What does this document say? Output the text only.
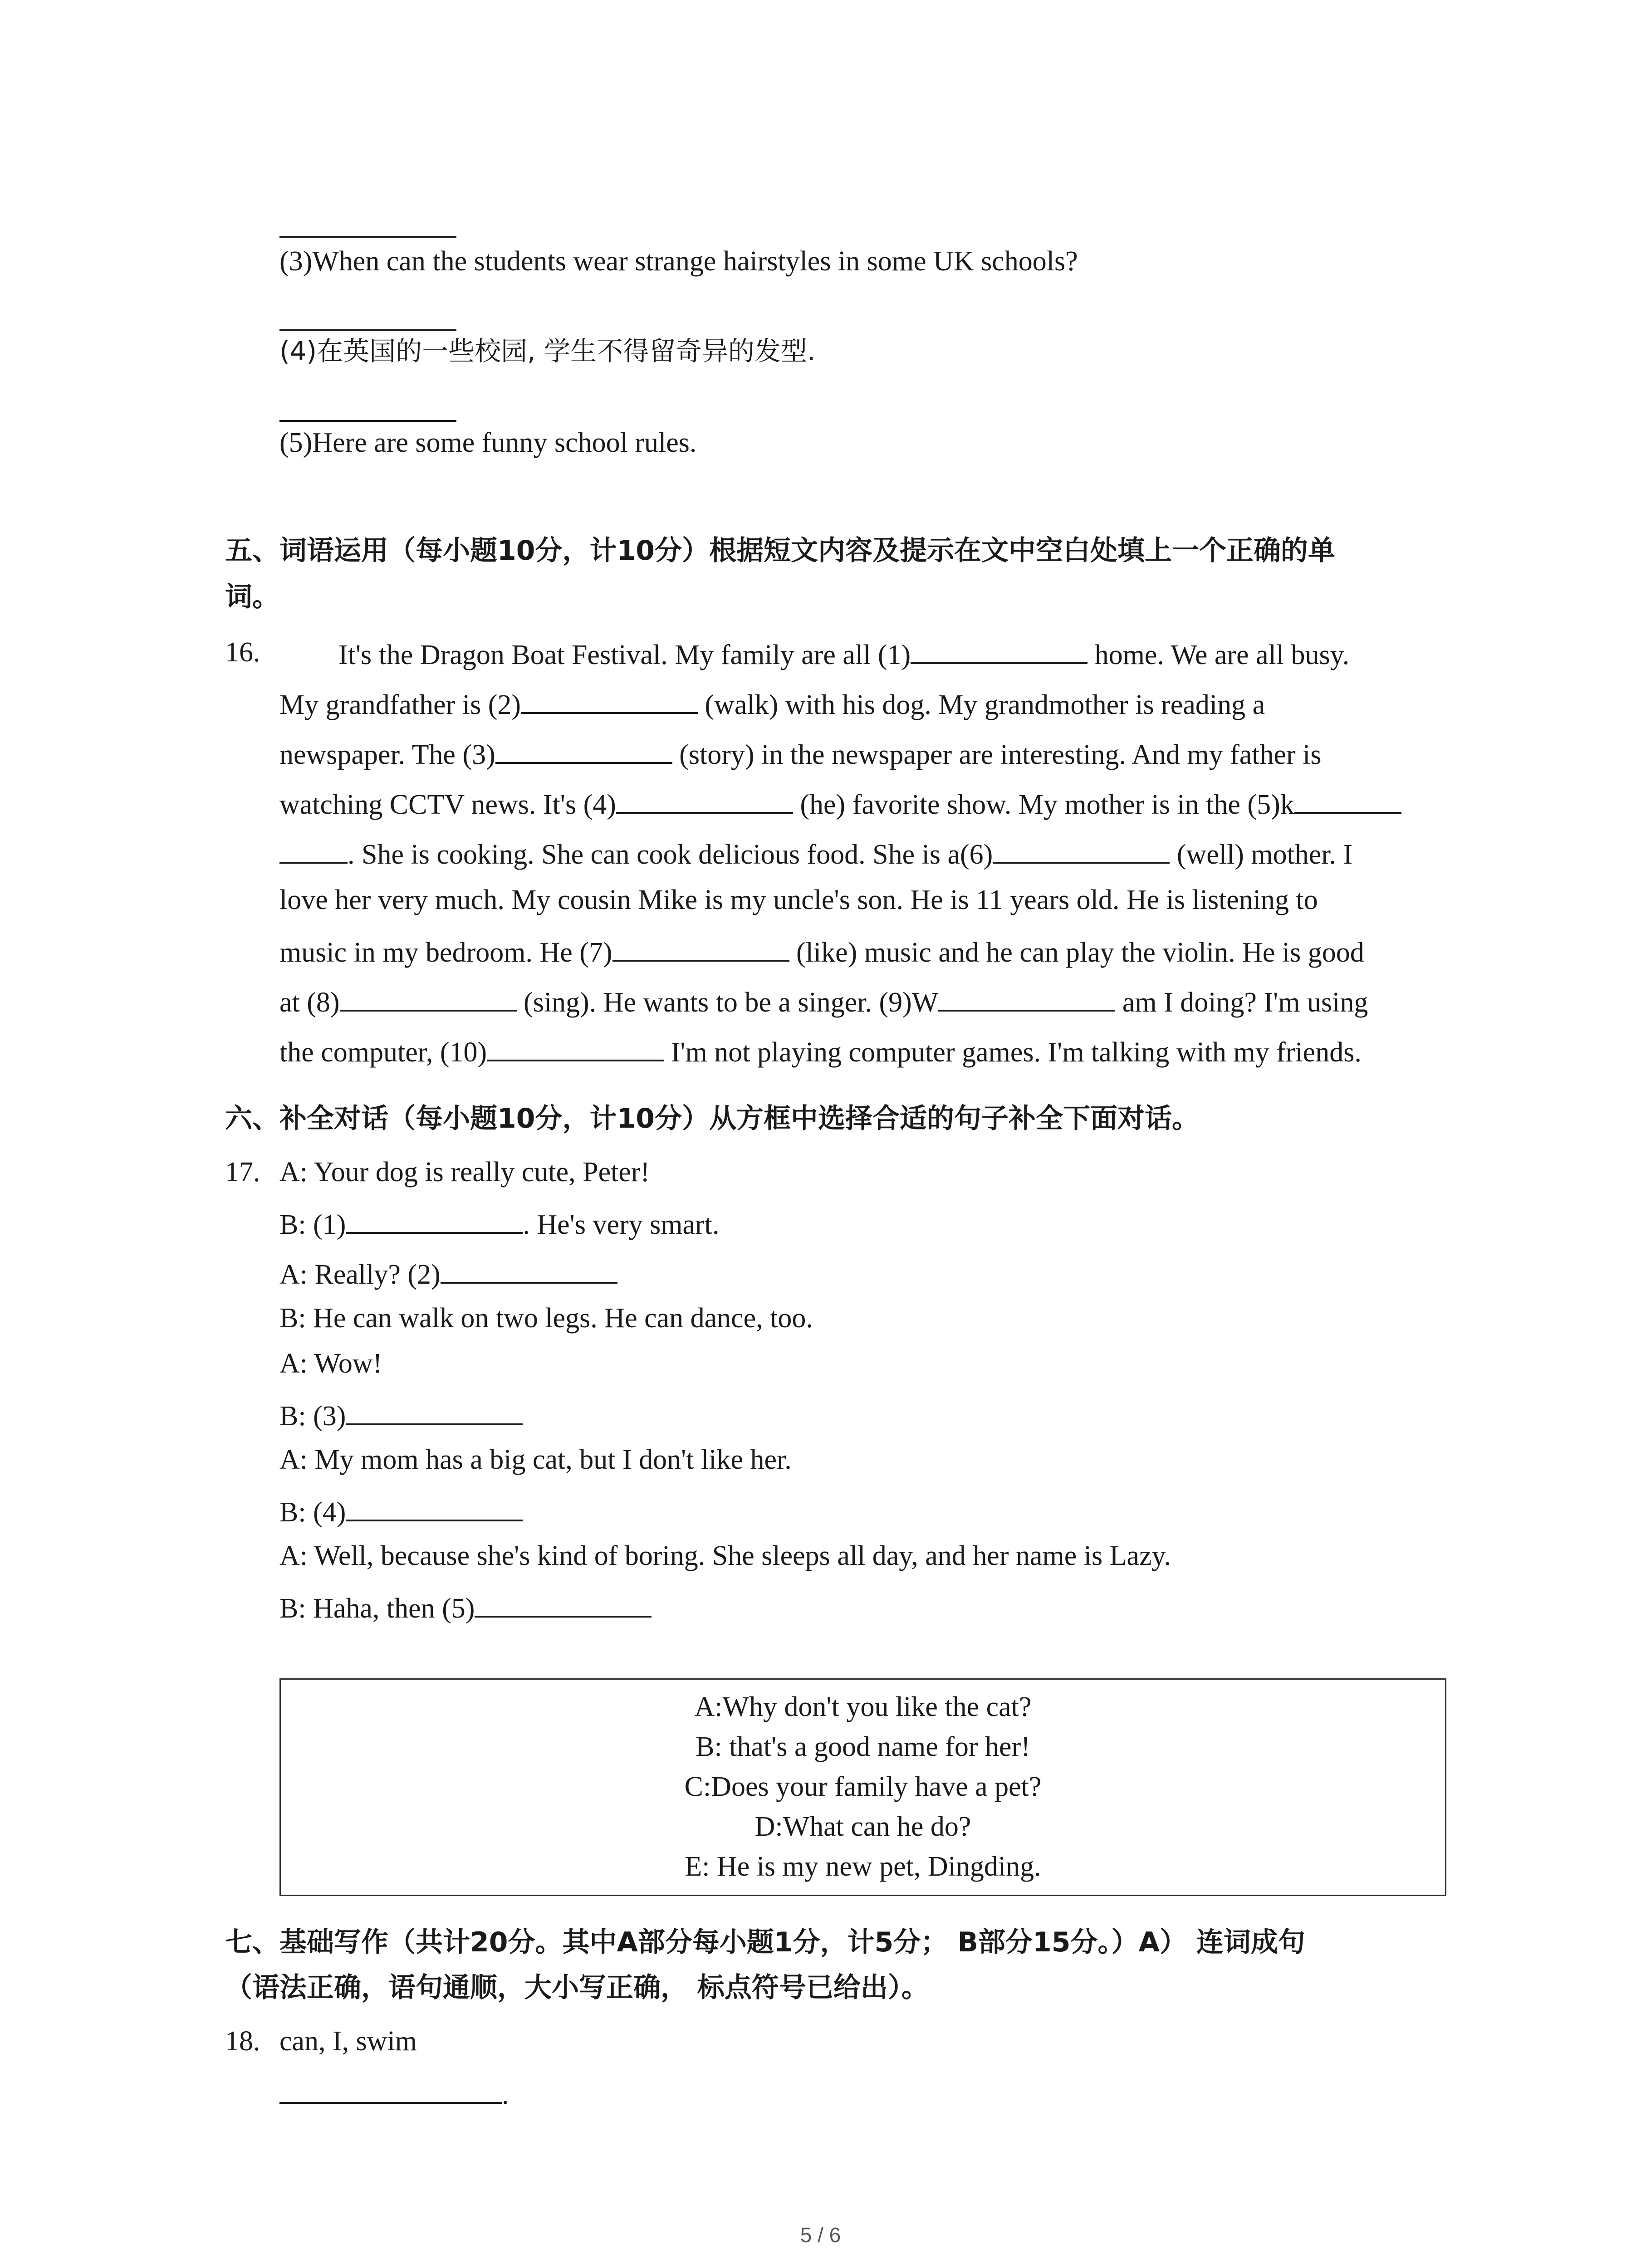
(3)When can the students wear strange hairstyles in some UK schools?
(4)在英国的一些校园, 学生不得留奇异的发型.
(5)Here are some funny school rules.
五、词语运用（每小题10分，计10分）根据短文内容及提示在文中空白处填上一个正确的单
词。
16.	It's the Dragon Boat Festival. My family are all (1)	home. We are all busy.
My grandfather is (2)	(walk) with his dog. My grandmother is reading a
newspaper. The (3)	(story) in the newspaper are interesting. And my father is
watching CCTV news. It's (4)	(he) favorite show. My mother is in the (5)k
. She is cooking. She can cook delicious food. She is a(6)	(well) mother. I
love her very much. My cousin Mike is my uncle's son. He is 11 years old. He is listening to
music in my bedroom. He (7)	(like) music and he can play the violin. He is good
at (8)	(sing). He wants to be a singer. (9)W	am I doing? I'm using
the computer, (10)	I'm not playing computer games. I'm talking with my friends.
六、补全对话（每小题10分，计10分）从方框中选择合适的句子补全下面对话。
17. A: Your dog is really cute, Peter!
B: (1)	. He's very smart.
A: Really? (2)
B: He can walk on two legs. He can dance, too.
A: Wow!
B: (3)
A: My mom has a big cat, but I don't like her.
B: (4)
A: Well, because she's kind of boring. She sleeps all day, and her name is Lazy.
B: Haha, then (5)
A:Why don't you like the cat?
B: that's a good name for her!
C:Does your family have a pet?
D:What can he do?
E: He is my new pet, Dingding.
七、基础写作（共计20分。其中A部分每小题1分，计5分； B部分15分。）A） 连词成句
（语法正确，语句通顺，大小写正确， 标点符号已给出）。
18. can, I, swim
.
5 / 6
